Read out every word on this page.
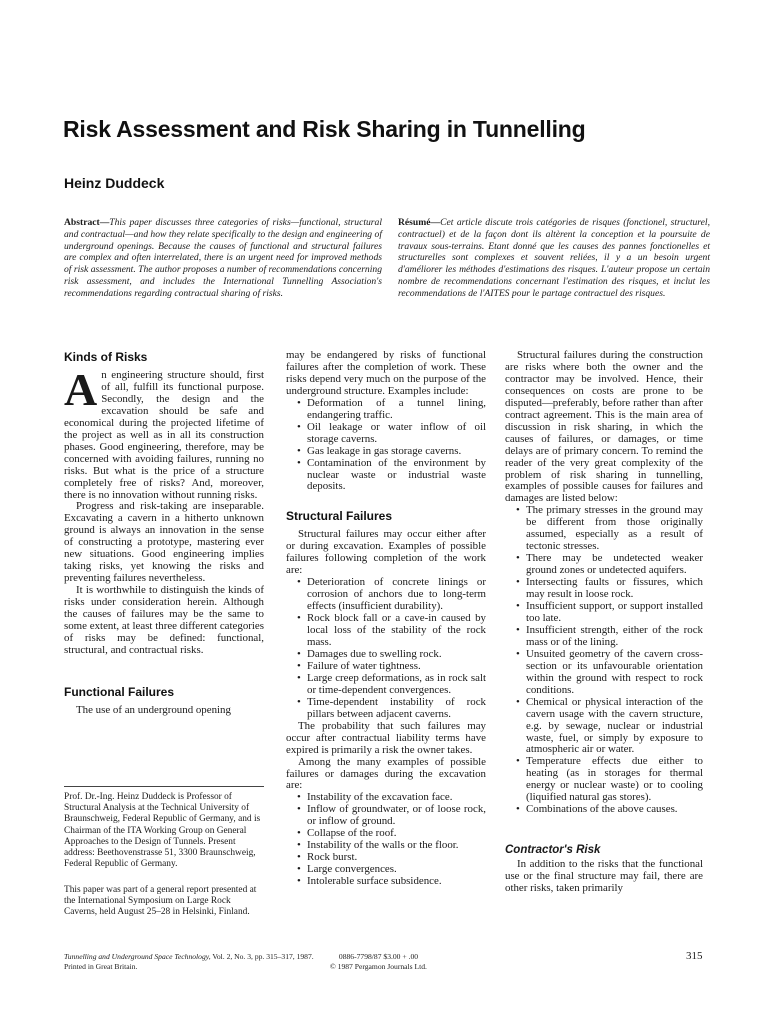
Risk Assessment and Risk Sharing in Tunnelling
Heinz Duddeck
Abstract—This paper discusses three categories of risks—functional, structural and contractual—and how they relate specifically to the design and engineering of underground openings. Because the causes of functional and structural failures are complex and often interrelated, there is an urgent need for improved methods of risk assessment. The author proposes a number of recommendations concerning risk assessment, and includes the International Tunnelling Association's recommendations regarding contractual sharing of risks.
Résumé—Cet article discute trois catégories de risques (fonctionel, structurel, contractuel) et de la façon dont ils altèrent la conception et la poursuite de travaux sous-terrains. Etant donné que les causes des pannes fonctionelles et structurelles sont complexes et souvent reliées, il y a un besoin urgent d'améliorer les méthodes d'estimations des risques. L'auteur propose un certain nombre de recommendations concernant l'estimation des risques, et inclut les recommendations de l'AITES pour le partage contractuel des risques.
Kinds of Risks
An engineering structure should, first of all, fulfill its functional purpose. Secondly, the design and the excavation should be safe and economical during the projected lifetime of the project as well as in all its construction phases. Good engineering, therefore, may be concerned with avoiding failures, running no risks. But what is the price of a structure completely free of risks? And, moreover, there is no innovation without running risks.
Progress and risk-taking are inseparable. Excavating a cavern in a hitherto unknown ground is always an innovation in the sense of constructing a prototype, mastering ever new situations. Good engineering implies taking risks, yet knowing the risks and preventing failures nevertheless.
It is worthwhile to distinguish the kinds of risks under consideration herein. Although the causes of failures may be the same to some extent, at least three different categories of risks may be defined: functional, structural, and contractual risks.
Functional Failures
The use of an underground opening
Prof. Dr.-Ing. Heinz Duddeck is Professor of Structural Analysis at the Technical University of Braunschweig, Federal Republic of Germany, and is Chairman of the ITA Working Group on General Approaches to the Design of Tunnels. Present address: Beethovenstrasse 51, 3300 Braunschweig, Federal Republic of Germany.
This paper was part of a general report presented at the International Symposium on Large Rock Caverns, held August 25–28 in Helsinki, Finland.
may be endangered by risks of functional failures after the completion of work. These risks depend very much on the purpose of the underground structure. Examples include:
• Deformation of a tunnel lining, endangering traffic.
• Oil leakage or water inflow of oil storage caverns.
• Gas leakage in gas storage caverns.
• Contamination of the environment by nuclear waste or industrial waste deposits.
Structural Failures
Structural failures may occur either after or during excavation. Examples of possible failures following completion of the work are:
• Deterioration of concrete linings or corrosion of anchors due to long-term effects (insufficient durability).
• Rock block fall or a cave-in caused by local loss of the stability of the rock mass.
• Damages due to swelling rock.
• Failure of water tightness.
• Large creep deformations, as in rock salt or time-dependent convergences.
• Time-dependent instability of rock pillars between adjacent caverns.
The probability that such failures may occur after contractual liability terms have expired is primarily a risk the owner takes.
Among the many examples of possible failures or damages during the excavation are:
• Instability of the excavation face.
• Inflow of groundwater, or of loose rock, or inflow of ground.
• Collapse of the roof.
• Instability of the walls or the floor.
• Rock burst.
• Large convergences.
• Intolerable surface subsidence.
Structural failures during the construction are risks where both the owner and the contractor may be involved. Hence, their consequences on costs are prone to be disputed—preferably, before rather than after contract agreement. This is the main area of discussion in risk sharing, in which the causes of failures, or damages, or time delays are of primary concern. To remind the reader of the very great complexity of the problem of risk sharing in tunnelling, examples of possible causes for failures and damages are listed below:
• The primary stresses in the ground may be different from those originally assumed, especially as a result of tectonic stresses.
• There may be undetected weaker ground zones or undetected aquifers.
• Intersecting faults or fissures, which may result in loose rock.
• Insufficient support, or support installed too late.
• Insufficient strength, either of the rock mass or of the lining.
• Unsuited geometry of the cavern cross-section or its unfavourable orientation within the ground with respect to rock conditions.
• Chemical or physical interaction of the cavern usage with the cavern structure, e.g. by sewage, nuclear or industrial waste, fuel, or simply by exposure to atmospheric air or water.
• Temperature effects due either to heating (as in storages for thermal energy or nuclear waste) or to cooling (liquified natural gas stores).
• Combinations of the above causes.
Contractor's Risk
In addition to the risks that the functional use or the final structure may fail, there are other risks, taken primarily
Tunnelling and Underground Space Technology, Vol. 2, No. 3, pp. 315–317, 1987.
Printed in Great Britain.
0886-7798/87 $3.00 + .00
© 1987 Pergamon Journals Ltd.
315
